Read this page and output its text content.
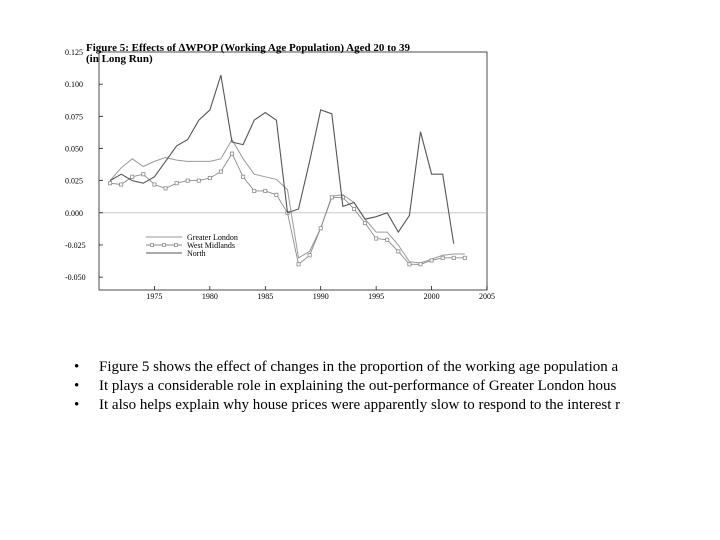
1975	1980	1985	1990	1995	2000	2005
0.125
0.100
0.075
0.050
0.025
0.000
-0.025
-0.050
Figure 5: Effects of ∆WPOP (Working Age Population) Aged 20 to 39
(in Long Run)
Greater London
West Midlands
North
• Figure 5 shows the effect of changes in the proportion of the working age population a
• It plays a considerable role in explaining the out-performance of Greater London hous
• It also helps explain why house prices were apparently slow to respond to the interest r
